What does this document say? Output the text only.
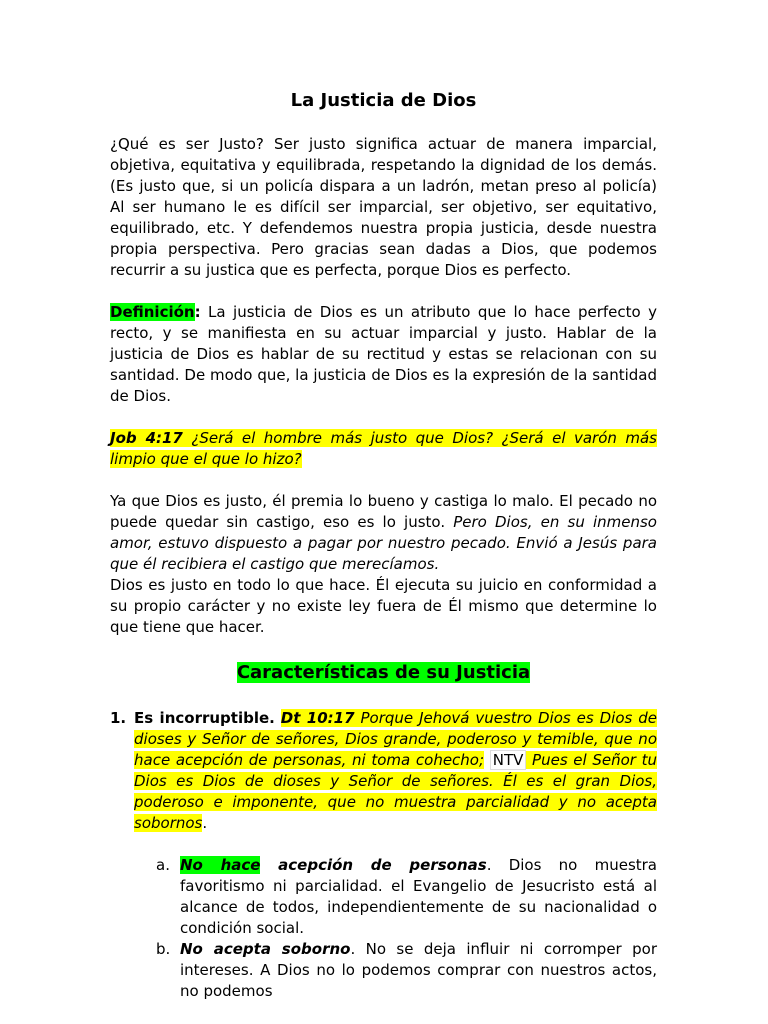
La Justicia de Dios

¿Qué es ser Justo? Ser justo significa actuar de manera imparcial, objetiva, equitativa y equilibrada, respetando la dignidad de los demás. (Es justo que, si un policía dispara a un ladrón, metan preso al policía) Al ser humano le es difícil ser imparcial, ser objetivo, ser equitativo, equilibrado, etc. Y defendemos nuestra propia justicia, desde nuestra propia perspectiva. Pero gracias sean dadas a Dios, que podemos recurrir a su justica que es perfecta, porque Dios es perfecto.

Definición: La justicia de Dios es un atributo que lo hace perfecto y recto, y se manifiesta en su actuar imparcial y justo. Hablar de la justicia de Dios es hablar de su rectitud y estas se relacionan con su santidad. De modo que, la justicia de Dios es la expresión de la santidad de Dios.

Job 4:17 ¿Será el hombre más justo que Dios? ¿Será el varón más limpio que el que lo hizo?

Ya que Dios es justo, él premia lo bueno y castiga lo malo. El pecado no puede quedar sin castigo, eso es lo justo. Pero Dios, en su inmenso amor, estuvo dispuesto a pagar por nuestro pecado. Envió a Jesús para que él recibiera el castigo que merecíamos.

Dios es justo en todo lo que hace. Él ejecuta su juicio en conformidad a su propio carácter y no existe ley fuera de Él mismo que determine lo que tiene que hacer.

Características de su Justicia
1. Es incorruptible. Dt 10:17 Porque Jehová vuestro Dios es Dios de dioses y Señor de señores, Dios grande, poderoso y temible, que no hace acepción de personas, ni toma cohecho; NTV Pues el Señor tu Dios es Dios de dioses y Señor de señores. Él es el gran Dios, poderoso e imponente, que no muestra parcialidad y no acepta sobornos.

a. No hace acepción de personas. Dios no muestra favoritismo ni parcialidad. el Evangelio de Jesucristo está al alcance de todos, independientemente de su nacionalidad o condición social.

b. No acepta soborno. No se deja influir ni corromper por intereses. A Dios no lo podemos comprar con nuestros actos, no podemos
